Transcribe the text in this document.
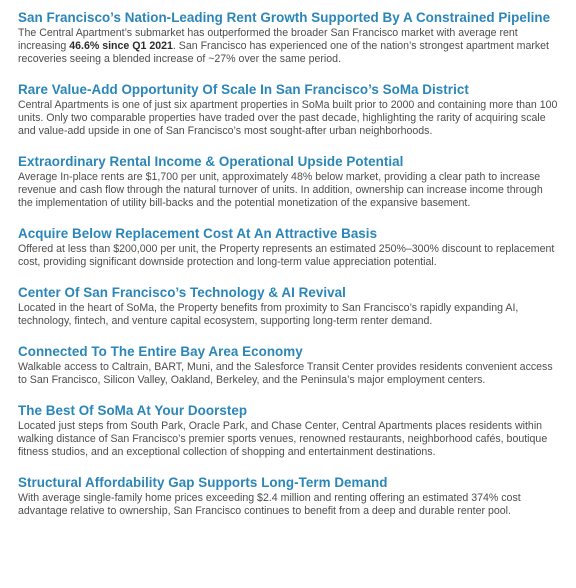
San Francisco’s Nation-Leading Rent Growth Supported By A Constrained Pipeline

The Central Apartment’s submarket has outperformed the broader San Francisco market with average rent increasing 46.6% since Q1 2021. San Francisco has experienced one of the nation’s strongest apartment market recoveries seeing a blended increase of ~27% over the same period.

Rare Value-Add Opportunity Of Scale In San Francisco’s SoMa District

Central Apartments is one of just six apartment properties in SoMa built prior to 2000 and containing more than 100 units. Only two comparable properties have traded over the past decade, highlighting the rarity of acquiring scale and value-add upside in one of San Francisco’s most sought-after urban neighborhoods.

Extraordinary Rental Income & Operational Upside Potential

Average In-place rents are $1,700 per unit, approximately 48% below market, providing a clear path to increase revenue and cash flow through the natural turnover of units. In addition, ownership can increase income through the implementation of utility bill-backs and the potential monetization of the expansive basement.

Acquire Below Replacement Cost At An Attractive Basis

Offered at less than $200,000 per unit, the Property represents an estimated 250%–300% discount to replacement cost, providing significant downside protection and long-term value appreciation potential.

Center Of San Francisco’s Technology & AI Revival

Located in the heart of SoMa, the Property benefits from proximity to San Francisco’s rapidly expanding AI, technology, fintech, and venture capital ecosystem, supporting long-term renter demand.

Connected To The Entire Bay Area Economy

Walkable access to Caltrain, BART, Muni, and the Salesforce Transit Center provides residents convenient access to San Francisco, Silicon Valley, Oakland, Berkeley, and the Peninsula’s major employment centers.

The Best Of SoMa At Your Doorstep

Located just steps from South Park, Oracle Park, and Chase Center, Central Apartments places residents within walking distance of San Francisco’s premier sports venues, renowned restaurants, neighborhood cafés, boutique fitness studios, and an exceptional collection of shopping and entertainment destinations.

Structural Affordability Gap Supports Long-Term Demand

With average single-family home prices exceeding $2.4 million and renting offering an estimated 374% cost advantage relative to ownership, San Francisco continues to benefit from a deep and durable renter pool.
